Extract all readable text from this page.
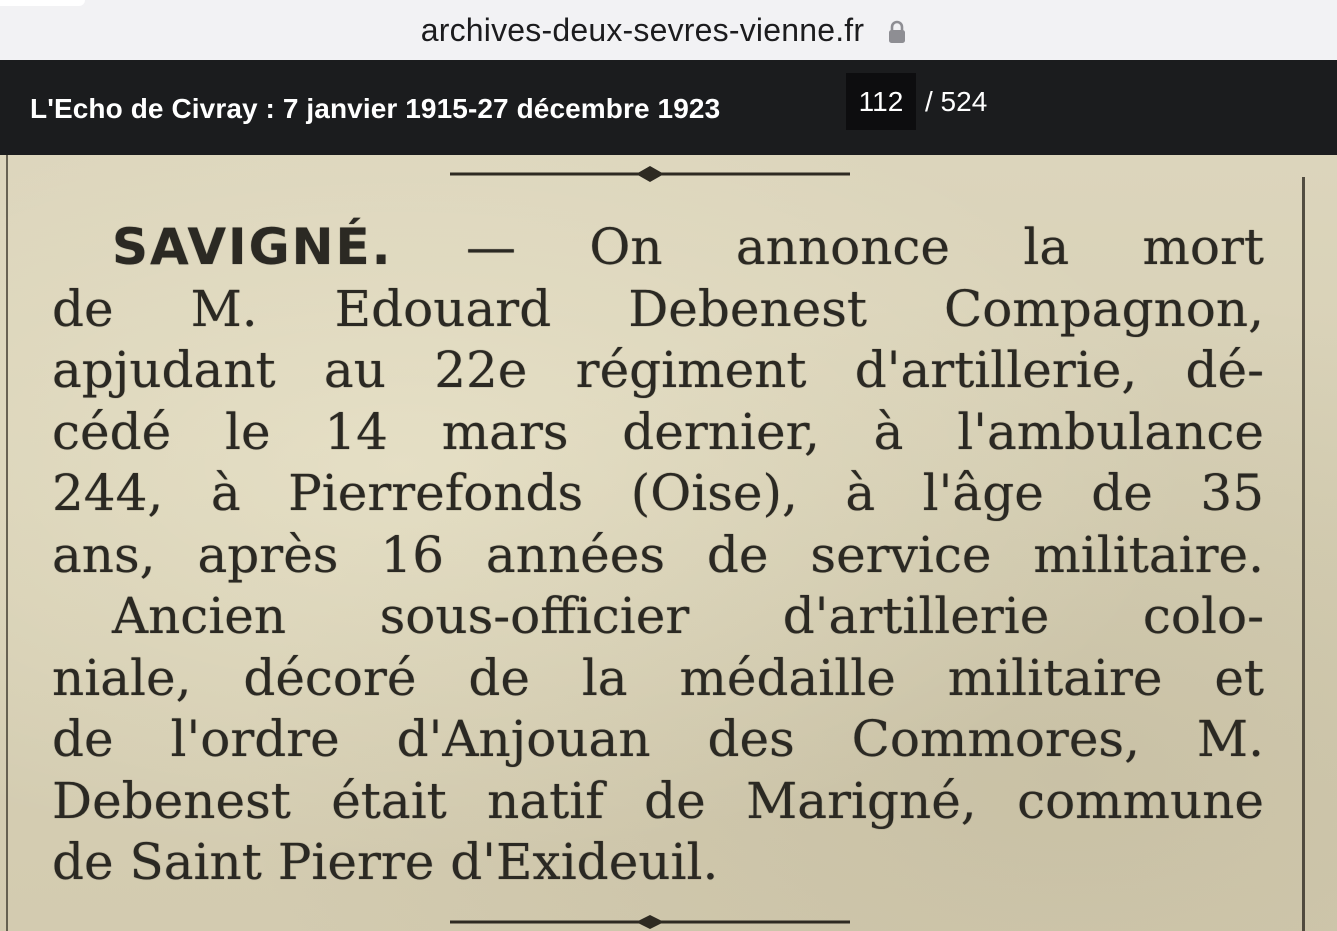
archives-deux-sevres-vienne.fr
L'Echo de Civray : 7 janvier 1915-27 décembre 1923
112	/ 524
SAVIGNÉ. — On annonce la mort
de M. Edouard Debenest Compagnon,
apjudant au 22e régiment d'artillerie, dé-
cédé le 14 mars dernier, à l'ambulance
244, à Pierrefonds (Oise), à l'âge de 35
ans, après 16 années de service militaire.
Ancien sous-officier d'artillerie colo-
niale, décoré de la médaille militaire et
de l'ordre d'Anjouan des Commores, M.
Debenest était natif de Marigné, commune
de Saint Pierre d'Exideuil.
